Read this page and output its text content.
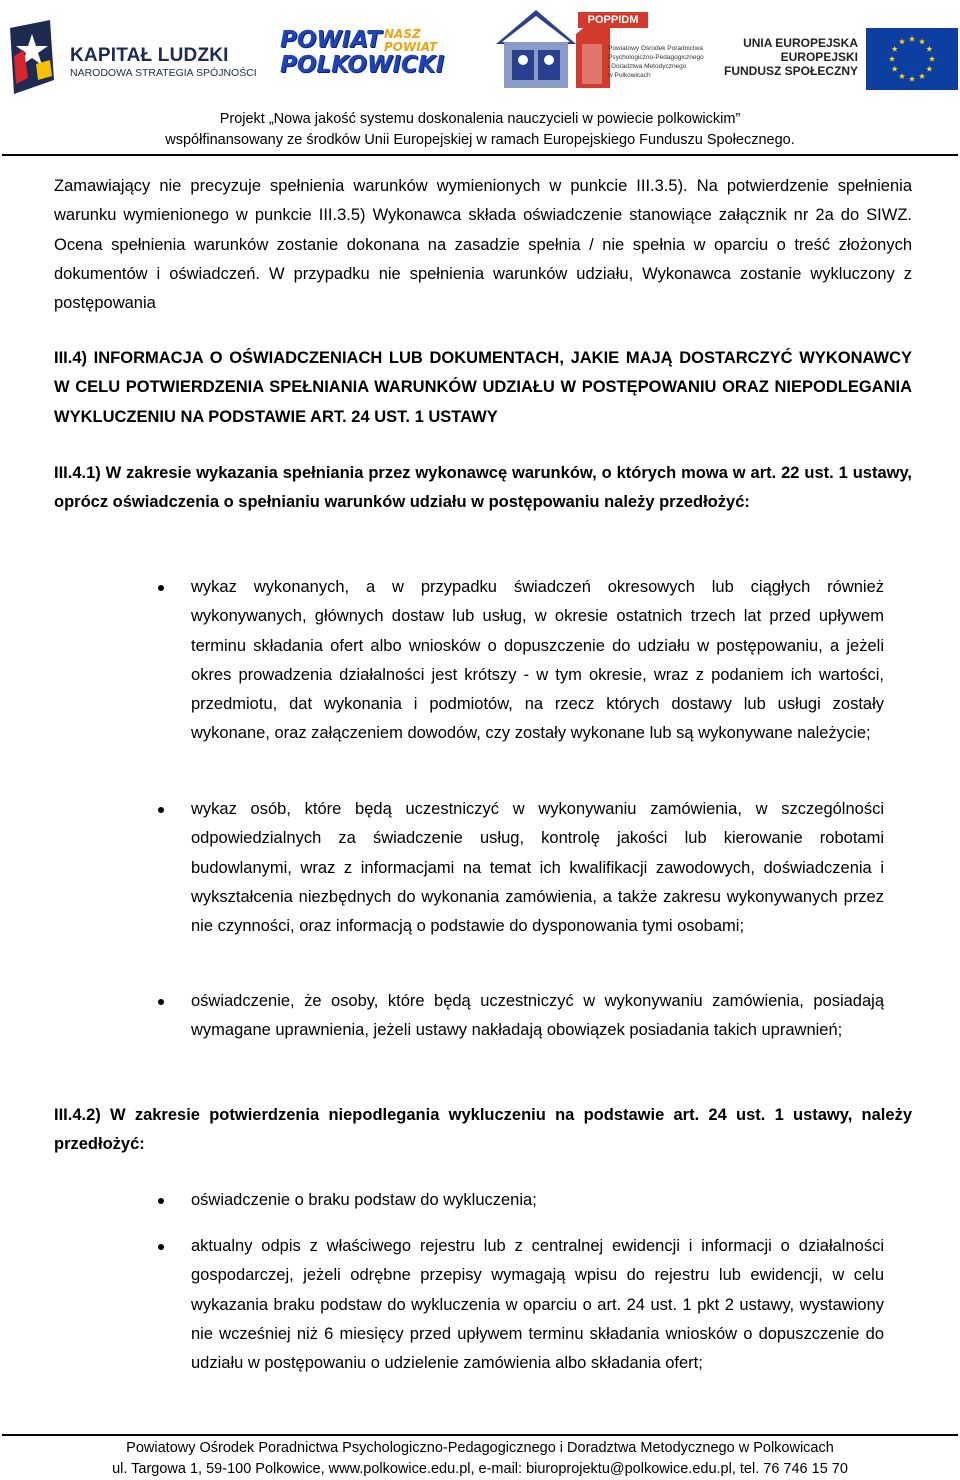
KAPITAŁ LUDZKI
NARODOWA STRATEGIA SPÓJNOŚCI
POWIAT
POLKOWICKI
NASZ
POWIAT
POPPIDM
Powiatowy Ośrodek Poradnictwa
Psychologiczno-Pedagogicznego
i Doradztwa Metodycznego
w Polkowicach
UNIA EUROPEJSKA
EUROPEJSKI
FUNDUSZ SPOŁECZNY
Projekt „Nowa jakość systemu doskonalenia nauczycieli w powiecie polkowickim”
współfinansowany ze środków Unii Europejskiej w ramach Europejskiego Funduszu Społecznego.
Zamawiający nie precyzuje spełnienia warunków wymienionych w punkcie III.3.5). Na potwierdzenie spełnienia warunku wymienionego w punkcie III.3.5) Wykonawca składa oświadczenie stanowiące załącznik nr 2a do SIWZ. Ocena spełnienia warunków zostanie dokonana na zasadzie spełnia / nie spełnia w oparciu o treść złożonych dokumentów i oświadczeń. W przypadku nie spełnienia warunków udziału, Wykonawca zostanie wykluczony z postępowania
III.4) INFORMACJA O OŚWIADCZENIACH LUB DOKUMENTACH, JAKIE MAJĄ DOSTARCZYĆ WYKONAWCY W CELU POTWIERDZENIA SPEŁNIANIA WARUNKÓW UDZIAŁU W POSTĘPOWANIU ORAZ NIEPODLEGANIA WYKLUCZENIU NA PODSTAWIE ART. 24 UST. 1 USTAWY
III.4.1) W zakresie wykazania spełniania przez wykonawcę warunków, o których mowa w art. 22 ust. 1 ustawy, oprócz oświadczenia o spełnianiu warunków udziału w postępowaniu należy przedłożyć:
wykaz wykonanych, a w przypadku świadczeń okresowych lub ciągłych również wykonywanych, głównych dostaw lub usług, w okresie ostatnich trzech lat przed upływem terminu składania ofert albo wniosków o dopuszczenie do udziału w postępowaniu, a jeżeli okres prowadzenia działalności jest krótszy - w tym okresie, wraz z podaniem ich wartości, przedmiotu, dat wykonania i podmiotów, na rzecz których dostawy lub usługi zostały wykonane, oraz załączeniem dowodów, czy zostały wykonane lub są wykonywane należycie;
wykaz osób, które będą uczestniczyć w wykonywaniu zamówienia, w szczególności odpowiedzialnych za świadczenie usług, kontrolę jakości lub kierowanie robotami budowlanymi, wraz z informacjami na temat ich kwalifikacji zawodowych, doświadczenia i wykształcenia niezbędnych do wykonania zamówienia, a także zakresu wykonywanych przez nie czynności, oraz informacją o podstawie do dysponowania tymi osobami;
oświadczenie, że osoby, które będą uczestniczyć w wykonywaniu zamówienia, posiadają wymagane uprawnienia, jeżeli ustawy nakładają obowiązek posiadania takich uprawnień;
III.4.2) W zakresie potwierdzenia niepodlegania wykluczeniu na podstawie art. 24 ust. 1 ustawy, należy przedłożyć:
oświadczenie o braku podstaw do wykluczenia;
aktualny odpis z właściwego rejestru lub z centralnej ewidencji i informacji o działalności gospodarczej, jeżeli odrębne przepisy wymagają wpisu do rejestru lub ewidencji, w celu wykazania braku podstaw do wykluczenia w oparciu o art. 24 ust. 1 pkt 2 ustawy, wystawiony nie wcześniej niż 6 miesięcy przed upływem terminu składania wniosków o dopuszczenie do udziału w postępowaniu o udzielenie zamówienia albo składania ofert;
Powiatowy Ośrodek Poradnictwa Psychologiczno-Pedagogicznego i Doradztwa Metodycznego w Polkowicach
ul. Targowa 1, 59-100 Polkowice, www.polkowice.edu.pl, e-mail: biuroprojektu@polkowice.edu.pl, tel. 76 746 15 70
